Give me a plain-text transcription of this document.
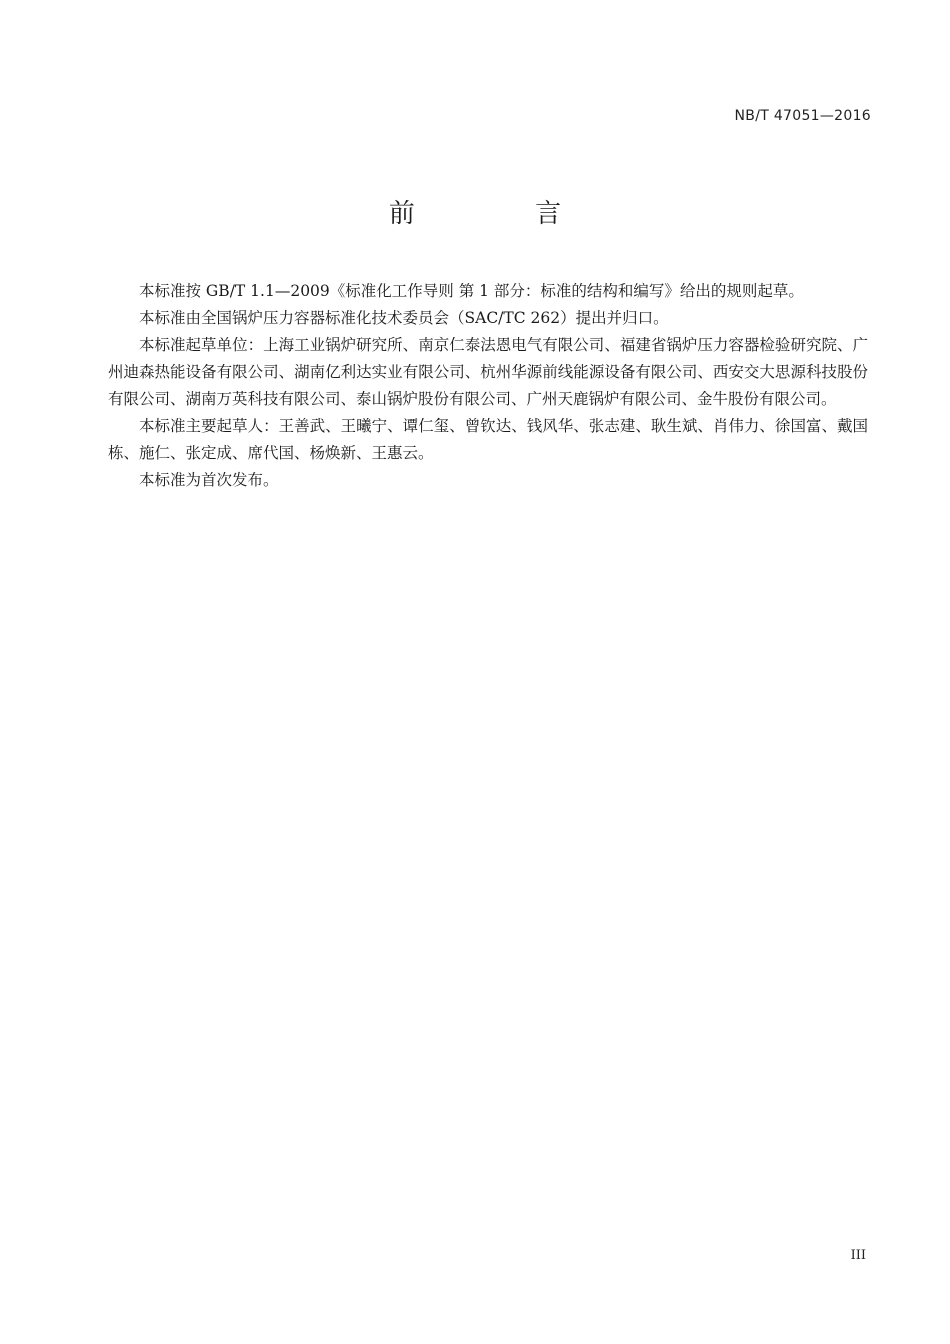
NB/T 47051—2016
前 言

本标准按 GB/T 1.1—2009《标准化工作导则 第 1 部分：标准的结构和编写》给出的规则起草。

本标准由全国锅炉压力容器标准化技术委员会（SAC/TC 262）提出并归口。

本标准起草单位：上海工业锅炉研究所、南京仁泰法恩电气有限公司、福建省锅炉压力容器检验研究院、广州迪森热能设备有限公司、湖南亿利达实业有限公司、杭州华源前线能源设备有限公司、西安交大思源科技股份有限公司、湖南万英科技有限公司、泰山锅炉股份有限公司、广州天鹿锅炉有限公司、金牛股份有限公司。

本标准主要起草人：王善武、王曦宁、谭仁玺、曾钦达、钱风华、张志建、耿生斌、肖伟力、徐国富、戴国栋、施仁、张定成、席代国、杨焕新、王惠云。

本标准为首次发布。

III
